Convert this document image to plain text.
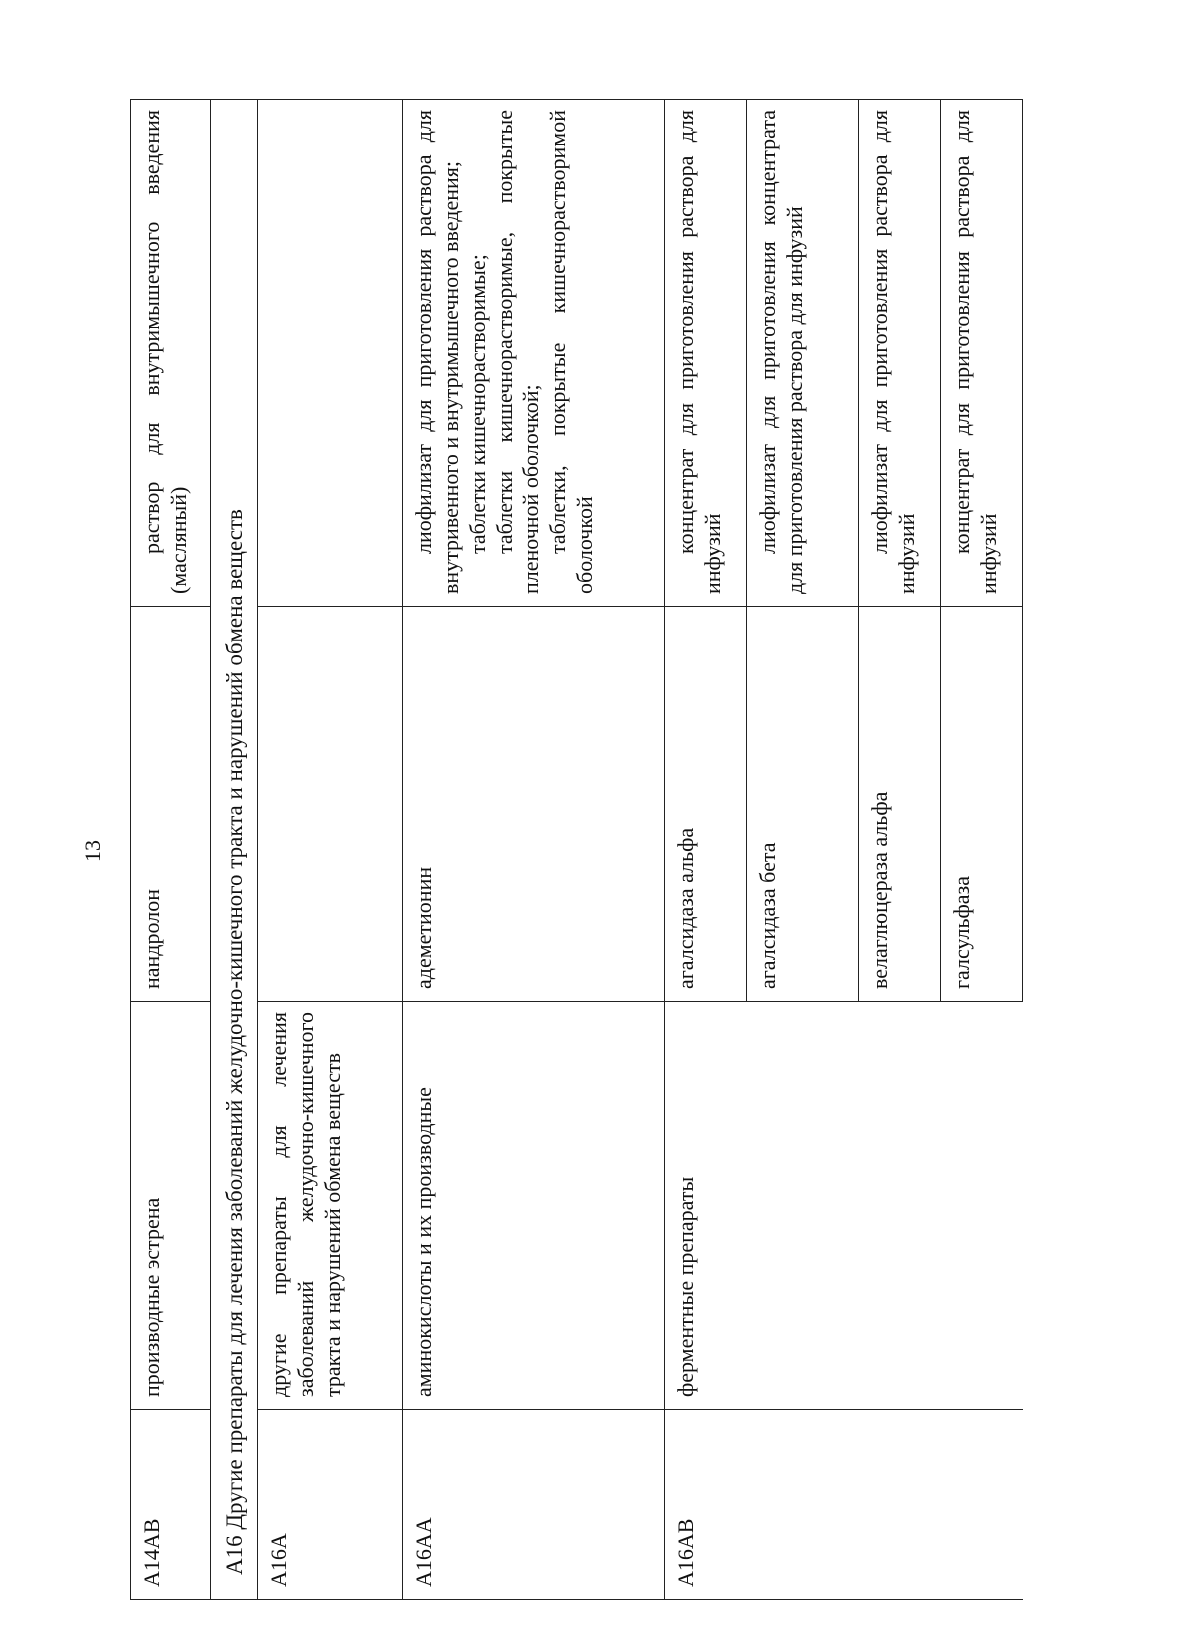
13
A14AB	производные эстрена	нандролон	раствор для внутримышечного введения (масляный)

A16 Другие препараты для лечения заболеваний желудочно-кишечного тракта и нарушений обмена веществ			
A16A	другие препараты для лечения заболеваний желудочно-кишечного тракта и нарушений обмена веществ		
A16AA	аминокислоты и их производные	адеметионин	лиофилизат для приготовления раствора для внутривенного и внутримышечного введения; таблетки кишечнорастворимые; таблетки кишечнорастворимые, покрытые пленочной оболочкой; таблетки, покрытые кишечнорастворимой оболочкой

A16AB	ферментные препараты	агалсидаза альфа	концентрат для приготовления раствора для инфузий

		агалсидаза бета	лиофилизат для приготовления концентрата для приготовления раствора для инфузий

		велаглюцераза альфа	лиофилизат для приготовления раствора для инфузий

		галсульфаза	концентрат для приготовления раствора для инфузий
